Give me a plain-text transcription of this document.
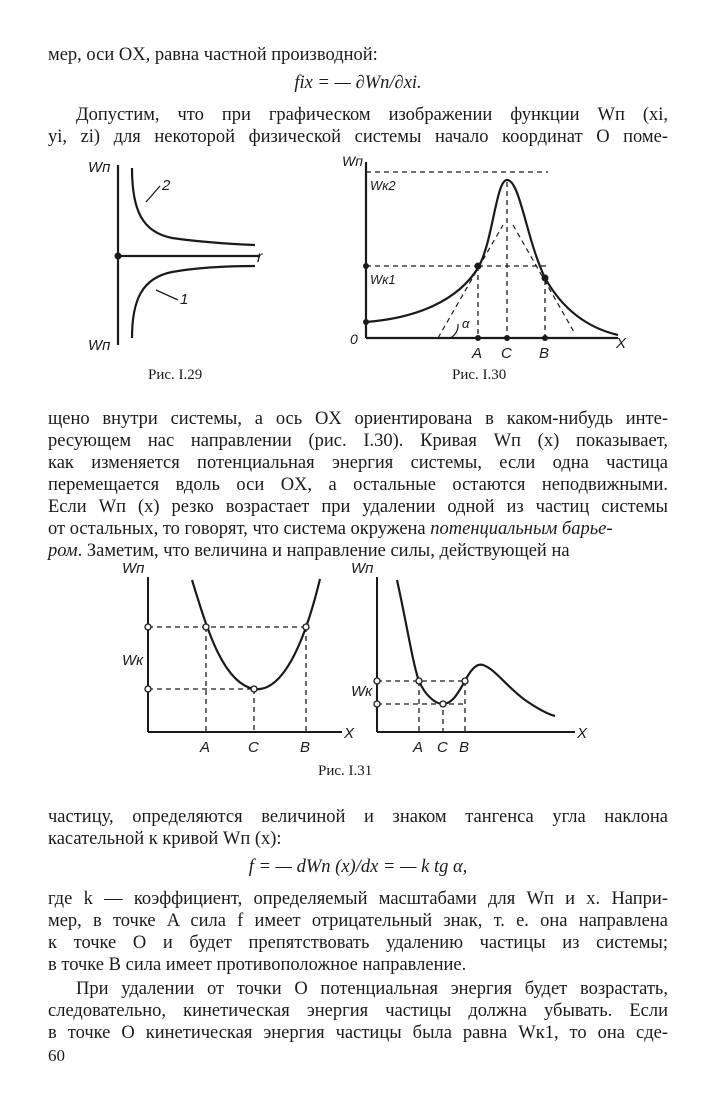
мер, оси OX, равна частной производной:
fix = — ∂Wп/∂xi.
Допустим, что при графическом изображении функции Wп (xi,
yi, zi) для некоторой физической системы начало координат O поме-
Wп
Wп
r
2
1
Рис. I.29
Wп
Wк2
Wк1
0
α
X
A C B
Рис. I.30
щено внутри системы, а ось OX ориентирована в каком-нибудь инте-
ресующем нас направлении (рис. I.30). Кривая Wп (x) показывает,
как изменяется потенциальная энергия системы, если одна частица
перемещается вдоль оси OX, а остальные остаются неподвижными.
Если Wп (x) резко возрастает при удалении одной из частиц системы
от остальных, то говорят, что система окружена потенциальным барье-
ром. Заметим, что величина и направление силы, действующей на
Wп
Wк
X
A	C	B
Wп
Wк
X
A C B
Рис. I.31
частицу, определяются величиной и знаком тангенса угла наклона
касательной к кривой Wп (x):
f = — dWп (x)/dx = — k tg α,
где k — коэффициент, определяемый масштабами для Wп и x. Напри-
мер, в точке A сила f имеет отрицательный знак, т. е. она направлена
к точке O и будет препятствовать удалению частицы из системы;
в точке B сила имеет противоположное направление.
При удалении от точки O потенциальная энергия будет возрастать,
следовательно, кинетическая энергия частицы должна убывать. Если
в точке O кинетическая энергия частицы была равна Wк1, то она сде-
60
